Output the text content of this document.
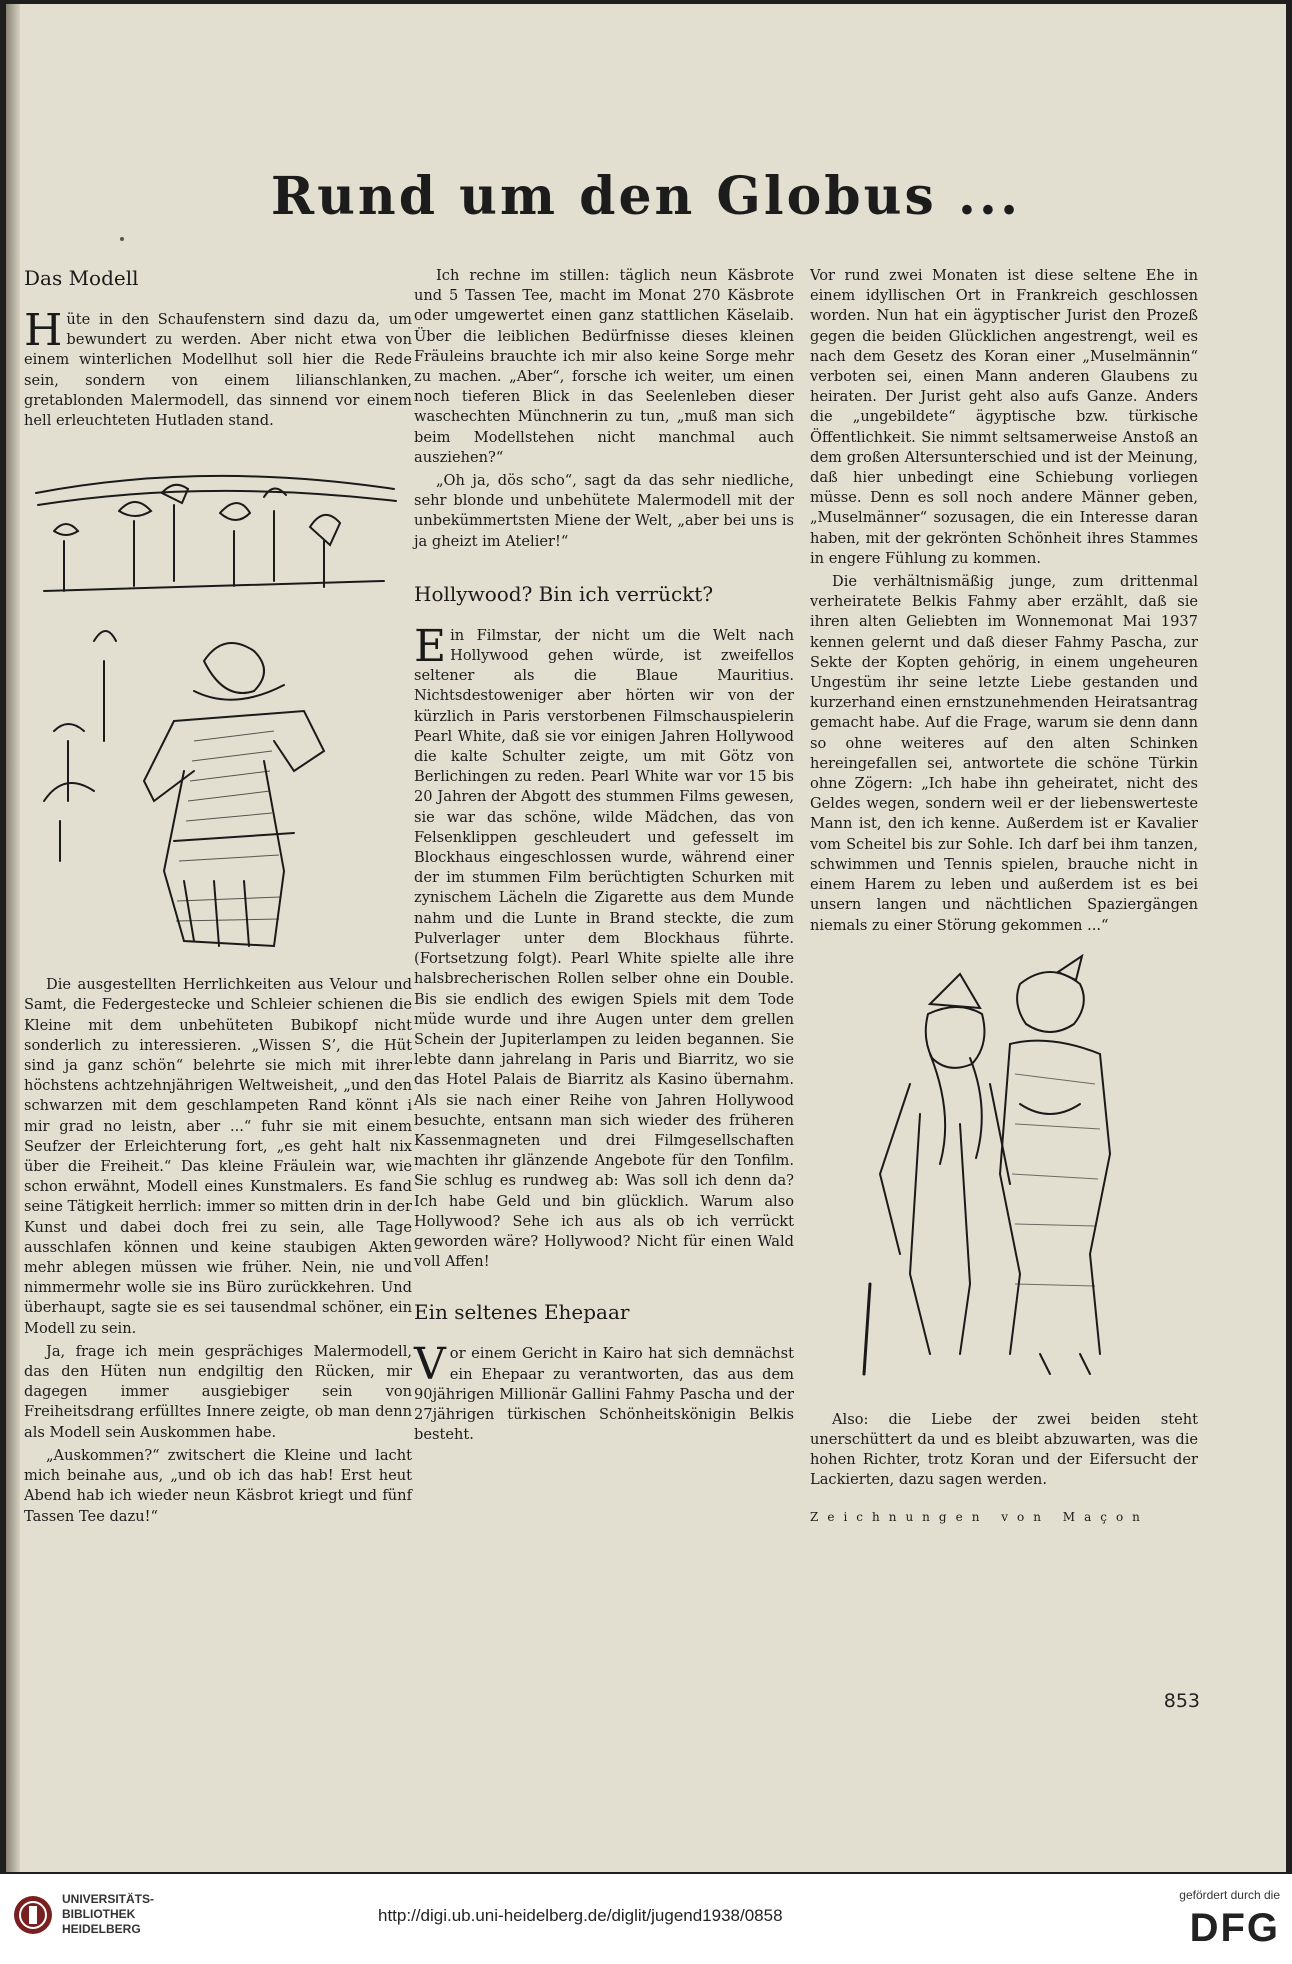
Rund um den Globus ...
Das Modell

Hüte in den Schaufenstern sind dazu da, um bewundert zu werden. Aber nicht etwa von einem winterlichen Modellhut soll hier die Rede sein, sondern von einem lilianschlanken, gretablonden Malermodell, das sinnend vor einem hell erleuchteten Hutladen stand.

Die ausgestellten Herrlichkeiten aus Velour und Samt, die Federgestecke und Schleier schienen die Kleine mit dem unbehüteten Bubikopf nicht sonderlich zu interessieren. „Wissen S’, die Hüt sind ja ganz schön“ belehrte sie mich mit ihrer höchstens achtzehnjährigen Weltweisheit, „und den schwarzen mit dem geschlampeten Rand könnt i mir grad no leistn, aber ...“ fuhr sie mit einem Seufzer der Erleichterung fort, „es geht halt nix über die Freiheit.“ Das kleine Fräulein war, wie schon erwähnt, Modell eines Kunstmalers. Es fand seine Tätigkeit herrlich: immer so mitten drin in der Kunst und dabei doch frei zu sein, alle Tage ausschlafen können und keine staubigen Akten mehr ablegen müssen wie früher. Nein, nie und nimmermehr wolle sie ins Büro zurückkehren. Und überhaupt, sagte sie es sei tausendmal schöner, ein Modell zu sein.

Ja, frage ich mein gesprächiges Malermodell, das den Hüten nun endgiltig den Rücken, mir dagegen immer ausgiebiger sein von Freiheitsdrang erfülltes Innere zeigte, ob man denn als Modell sein Auskommen habe.

„Auskommen?“ zwitschert die Kleine und lacht mich beinahe aus, „und ob ich das hab! Erst heut Abend hab ich wieder neun Käsbrot kriegt und fünf Tassen Tee dazu!“

Ich rechne im stillen: täglich neun Käsbrote und 5 Tassen Tee, macht im Monat 270 Käsbrote oder umgewertet einen ganz stattlichen Käselaib. Über die leiblichen Bedürfnisse dieses kleinen Fräuleins brauchte ich mir also keine Sorge mehr zu machen. „Aber“, forsche ich weiter, um einen noch tieferen Blick in das Seelenleben dieser waschechten Münchnerin zu tun, „muß man sich beim Modellstehen nicht manchmal auch ausziehen?“

„Oh ja, dös scho“, sagt da das sehr niedliche, sehr blonde und unbehütete Malermodell mit der unbekümmertsten Miene der Welt, „aber bei uns is ja gheizt im Atelier!“

Hollywood? Bin ich verrückt?

Ein Filmstar, der nicht um die Welt nach Hollywood gehen würde, ist zweifellos seltener als die Blaue Mauritius. Nichtsdestoweniger aber hörten wir von der kürzlich in Paris verstorbenen Filmschauspielerin Pearl White, daß sie vor einigen Jahren Hollywood die kalte Schulter zeigte, um mit Götz von Berlichingen zu reden. Pearl White war vor 15 bis 20 Jahren der Abgott des stummen Films gewesen, sie war das schöne, wilde Mädchen, das von Felsenklippen geschleudert und gefesselt im Blockhaus eingeschlossen wurde, während einer der im stummen Film berüchtigten Schurken mit zynischem Lächeln die Zigarette aus dem Munde nahm und die Lunte in Brand steckte, die zum Pulverlager unter dem Blockhaus führte. (Fortsetzung folgt). Pearl White spielte alle ihre halsbrecherischen Rollen selber ohne ein Double. Bis sie endlich des ewigen Spiels mit dem Tode müde wurde und ihre Augen unter dem grellen Schein der Jupiterlampen zu leiden begannen. Sie lebte dann jahrelang in Paris und Biarritz, wo sie das Hotel Palais de Biarritz als Kasino übernahm. Als sie nach einer Reihe von Jahren Hollywood besuchte, entsann man sich wieder des früheren Kassenmagneten und drei Filmgesellschaften machten ihr glänzende Angebote für den Tonfilm. Sie schlug es rundweg ab: Was soll ich denn da? Ich habe Geld und bin glücklich. Warum also Hollywood? Sehe ich aus als ob ich verrückt geworden wäre? Hollywood? Nicht für einen Wald voll Affen!

Ein seltenes Ehepaar

Vor einem Gericht in Kairo hat sich demnächst ein Ehepaar zu verantworten, das aus dem 90jährigen Millionär Gallini Fahmy Pascha und der 27jährigen türkischen Schönheitskönigin Belkis besteht.

Vor rund zwei Monaten ist diese seltene Ehe in einem idyllischen Ort in Frankreich geschlossen worden. Nun hat ein ägyptischer Jurist den Prozeß gegen die beiden Glücklichen angestrengt, weil es nach dem Gesetz des Koran einer „Muselmännin“ verboten sei, einen Mann anderen Glaubens zu heiraten. Der Jurist geht also aufs Ganze. Anders die „ungebildete“ ägyptische bzw. türkische Öffentlichkeit. Sie nimmt seltsamerweise Anstoß an dem großen Altersunterschied und ist der Meinung, daß hier unbedingt eine Schiebung vorliegen müsse. Denn es soll noch andere Männer geben, „Muselmänner“ sozusagen, die ein Interesse daran haben, mit der gekrönten Schönheit ihres Stammes in engere Fühlung zu kommen.

Die verhältnismäßig junge, zum drittenmal verheiratete Belkis Fahmy aber erzählt, daß sie ihren alten Geliebten im Wonnemonat Mai 1937 kennen gelernt und daß dieser Fahmy Pascha, zur Sekte der Kopten gehörig, in einem ungeheuren Ungestüm ihr seine letzte Liebe gestanden und kurzerhand einen ernstzunehmenden Heiratsantrag gemacht habe. Auf die Frage, warum sie denn dann so ohne weiteres auf den alten Schinken hereingefallen sei, antwortete die schöne Türkin ohne Zögern: „Ich habe ihn geheiratet, nicht des Geldes wegen, sondern weil er der liebenswerteste Mann ist, den ich kenne. Außerdem ist er Kavalier vom Scheitel bis zur Sohle. Ich darf bei ihm tanzen, schwimmen und Tennis spielen, brauche nicht in einem Harem zu leben und außerdem ist es bei unsern langen und nächtlichen Spaziergängen niemals zu einer Störung gekommen ...“

Also: die Liebe der zwei beiden steht unerschüttert da und es bleibt abzuwarten, was die hohen Richter, trotz Koran und der Eifersucht der Lackierten, dazu sagen werden.

Zeichnungen von Maçon
853
UNIVERSITÄTS-
BIBLIOTHEK
HEIDELBERG
http://digi.ub.uni-heidelberg.de/diglit/jugend1938/0858
gefördert durch die
DFG
